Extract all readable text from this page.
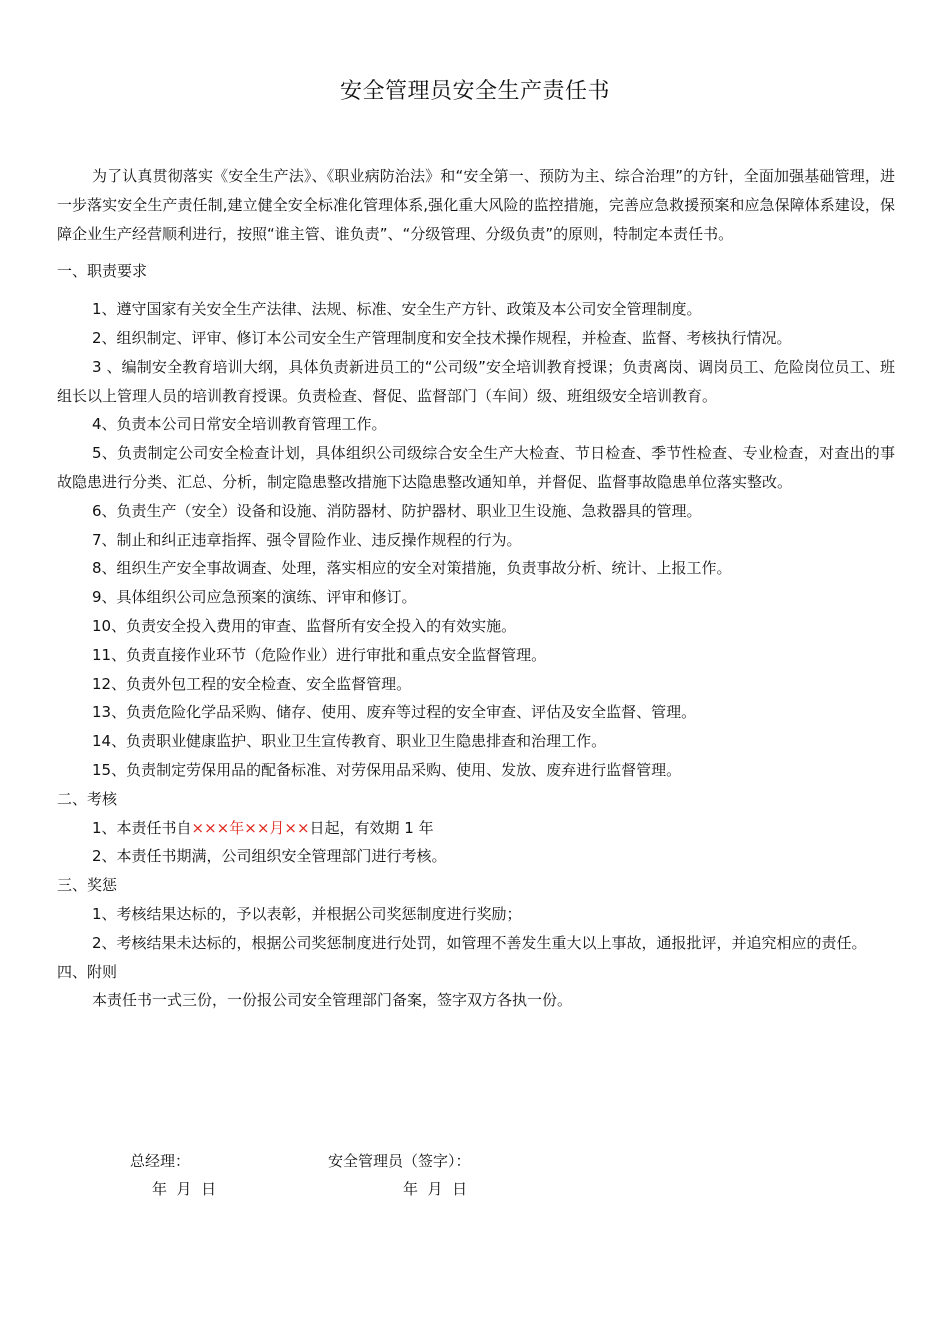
安全管理员安全生产责任书

为了认真贯彻落实《安全生产法》、《职业病防治法》和“安全第一、预防为主、综合治理”的方针，全面加强基础管理，进一步落实安全生产责任制,建立健全安全标准化管理体系,强化重大风险的监控措施，完善应急救援预案和应急保障体系建设，保障企业生产经营顺利进行，按照“谁主管、谁负责”、“分级管理、分级负责”的原则，特制定本责任书。

一、职责要求

1、遵守国家有关安全生产法律、法规、标准、安全生产方针、政策及本公司安全管理制度。

2、组织制定、评审、修订本公司安全生产管理制度和安全技术操作规程，并检查、监督、考核执行情况。

3 、编制安全教育培训大纲，具体负责新进员工的“公司级”安全培训教育授课；负责离岗、调岗员工、危险岗位员工、班组长以上管理人员的培训教育授课。负责检查、督促、监督部门（车间）级、班组级安全培训教育。

4、负责本公司日常安全培训教育管理工作。

5、负责制定公司安全检查计划，具体组织公司级综合安全生产大检查、节日检查、季节性检查、专业检查，对查出的事故隐患进行分类、汇总、分析，制定隐患整改措施下达隐患整改通知单，并督促、监督事故隐患单位落实整改。

6、负责生产（安全）设备和设施、消防器材、防护器材、职业卫生设施、急救器具的管理。

7、制止和纠正违章指挥、强令冒险作业、违反操作规程的行为。

8、组织生产安全事故调查、处理，落实相应的安全对策措施，负责事故分析、统计、上报工作。

9、具体组织公司应急预案的演练、评审和修订。

10、负责安全投入费用的审查、监督所有安全投入的有效实施。

11、负责直接作业环节（危险作业）进行审批和重点安全监督管理。

12、负责外包工程的安全检查、安全监督管理。

13、负责危险化学品采购、储存、使用、废弃等过程的安全审查、评估及安全监督、管理。

14、负责职业健康监护、职业卫生宣传教育、职业卫生隐患排查和治理工作。

15、负责制定劳保用品的配备标准、对劳保用品采购、使用、发放、废弃进行监督管理。

二、考核

1、本责任书自×××年××月××日起，有效期 1 年

2、本责任书期满，公司组织安全管理部门进行考核。

三、奖惩

1、考核结果达标的，予以表彰，并根据公司奖惩制度进行奖励；

2、考核结果未达标的，根据公司奖惩制度进行处罚，如管理不善发生重大以上事故，通报批评，并追究相应的责任。

四、附则

本责任书一式三份，一份报公司安全管理部门备案，签字双方各执一份。

总经理：	安全管理员（签字）：
年  月  日	年  月  日
